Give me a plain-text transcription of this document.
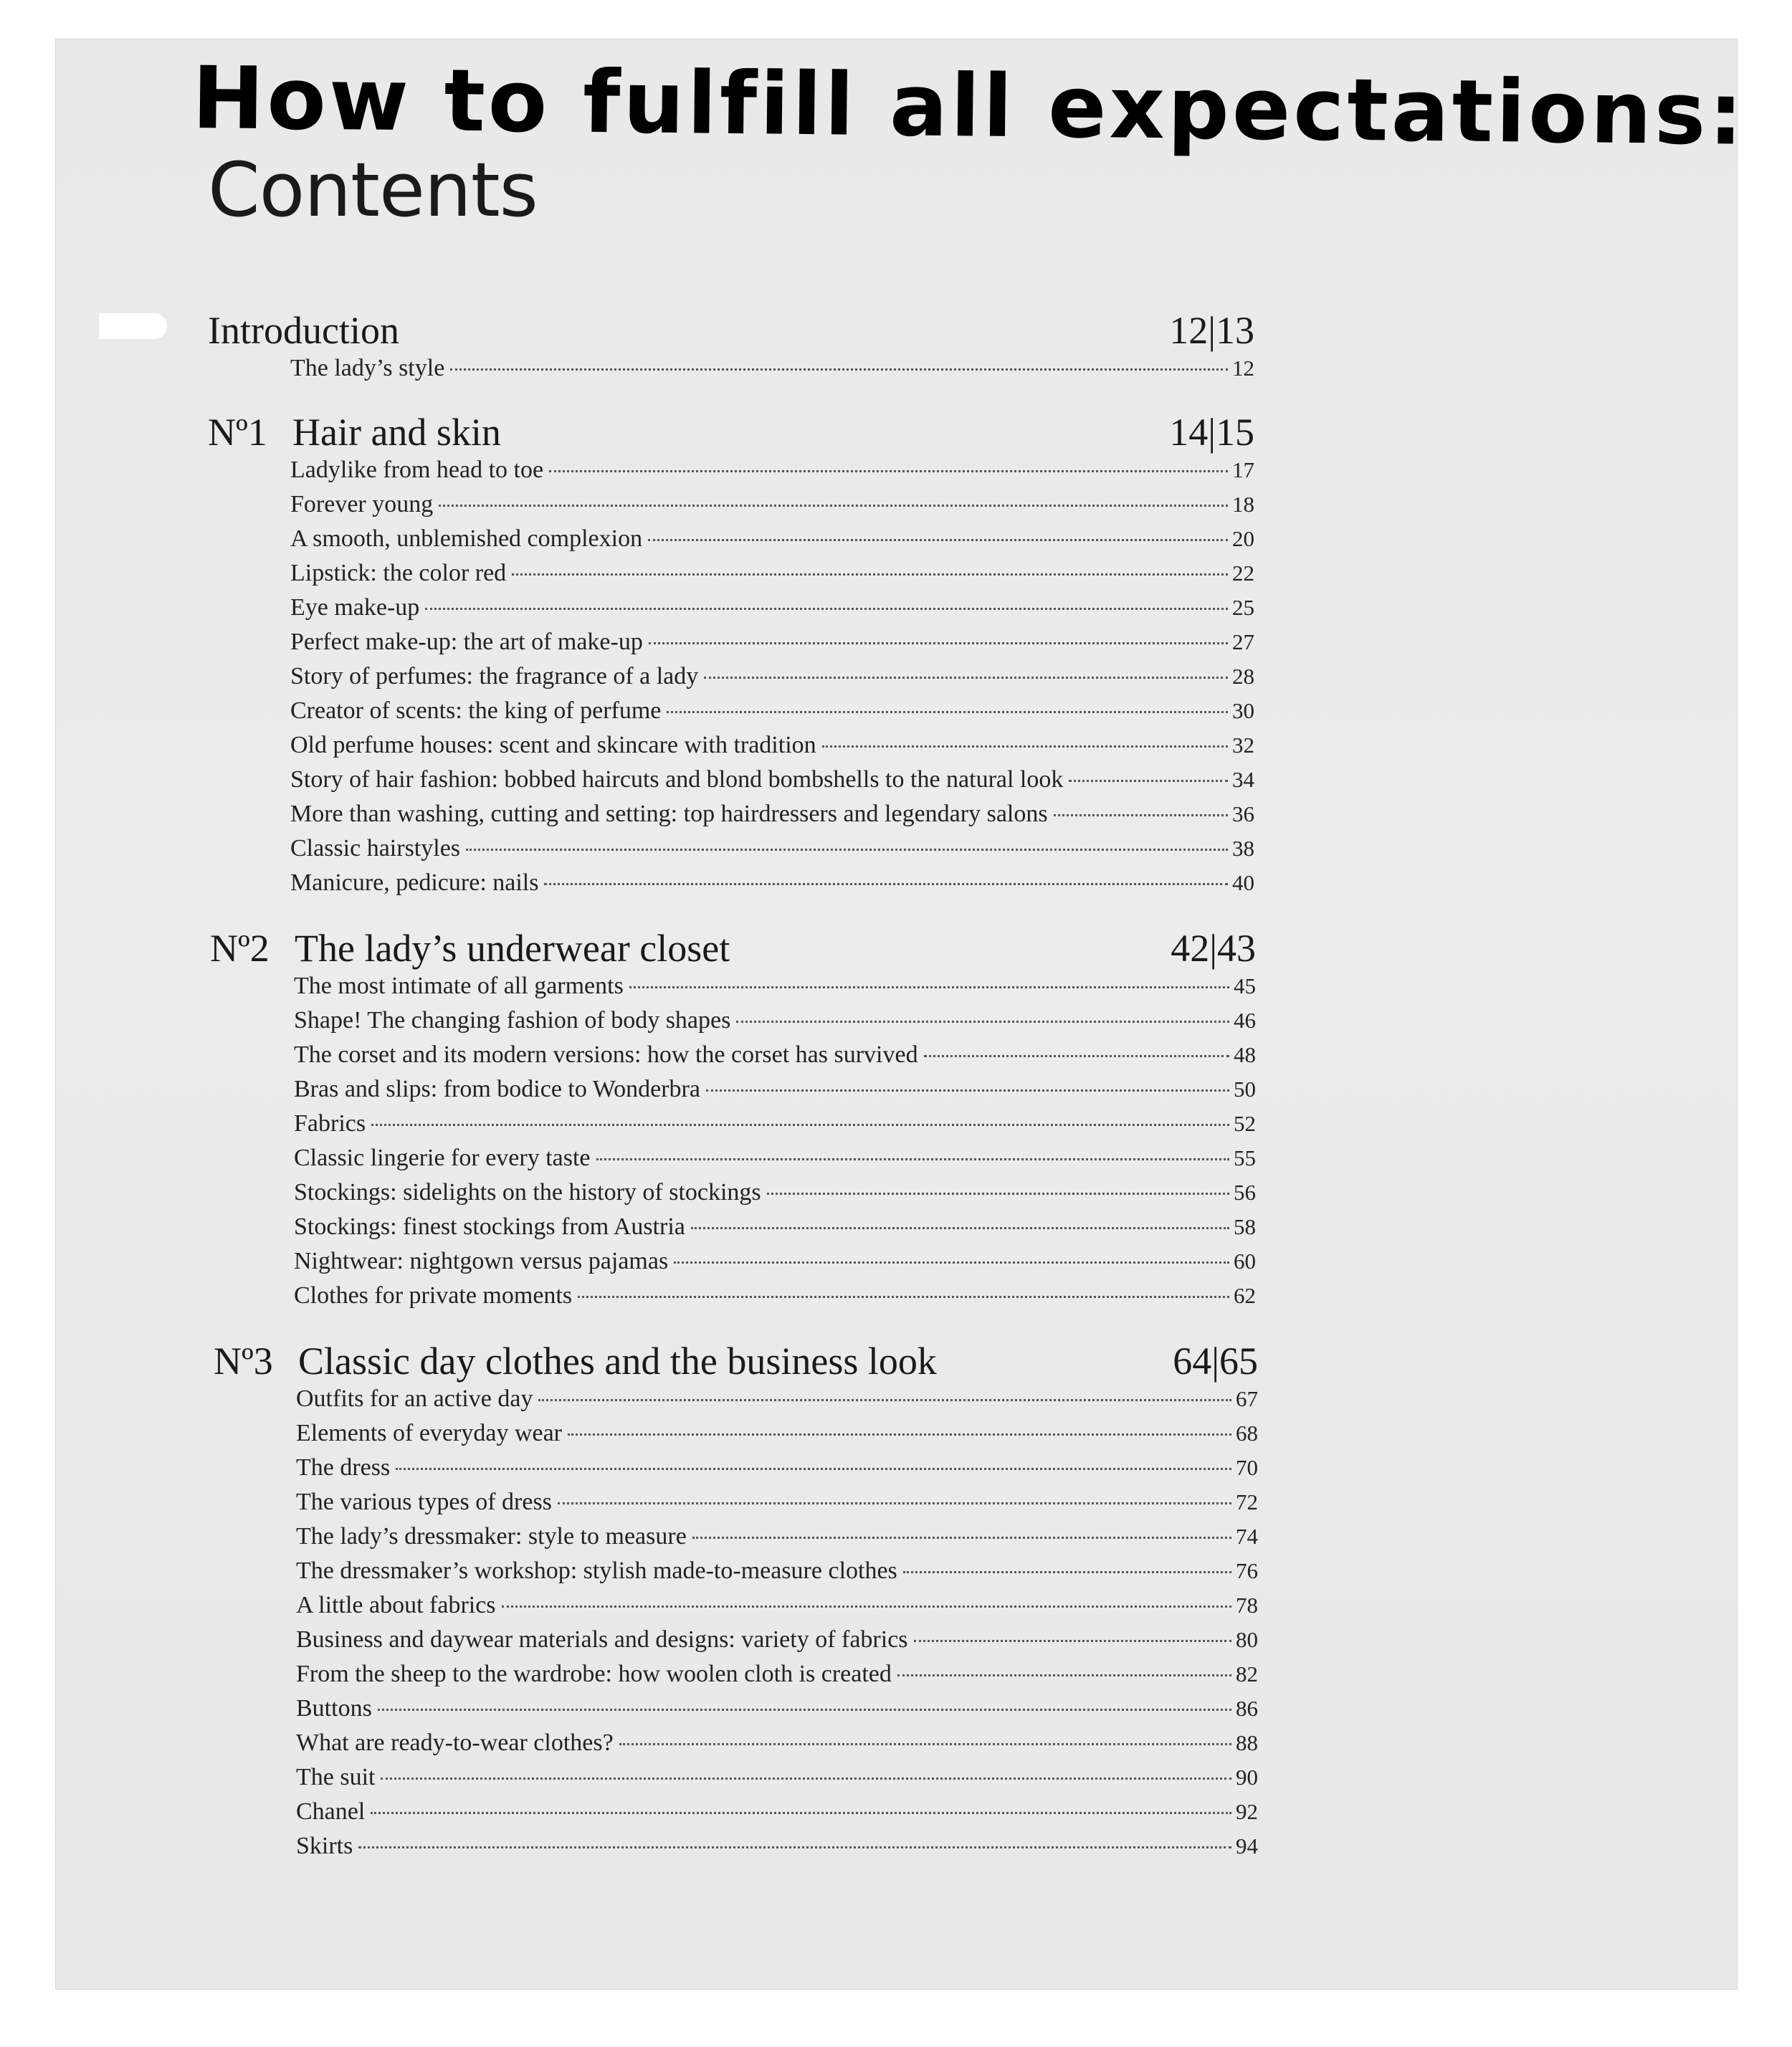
How to fulfill all expectations:
Contents
Introduction	12|13
The lady’s style	12
Nº1 Hair and skin	14|15
Ladylike from head to toe	17
Forever young	18
A smooth, unblemished complexion	20
Lipstick: the color red	22
Eye make-up	25
Perfect make-up: the art of make-up	27
Story of perfumes: the fragrance of a lady	28
Creator of scents: the king of perfume	30
Old perfume houses: scent and skincare with tradition	32
Story of hair fashion: bobbed haircuts and blond bombshells to the natural look	34
More than washing, cutting and setting: top hairdressers and legendary salons	36
Classic hairstyles	38
Manicure, pedicure: nails	40
Nº2 The lady’s underwear closet	42|43
The most intimate of all garments	45
Shape! The changing fashion of body shapes	46
The corset and its modern versions: how the corset has survived	48
Bras and slips: from bodice to Wonderbra	50
Fabrics	52
Classic lingerie for every taste	55
Stockings: sidelights on the history of stockings	56
Stockings: finest stockings from Austria	58
Nightwear: nightgown versus pajamas	60
Clothes for private moments	62
Nº3 Classic day clothes and the business look	64|65
Outfits for an active day	67
Elements of everyday wear	68
The dress	70
The various types of dress	72
The lady’s dressmaker: style to measure	74
The dressmaker’s workshop: stylish made-to-measure clothes	76
A little about fabrics	78
Business and daywear materials and designs: variety of fabrics	80
From the sheep to the wardrobe: how woolen cloth is created	82
Buttons	86
What are ready-to-wear clothes?	88
The suit	90
Chanel	92
Skirts	94
